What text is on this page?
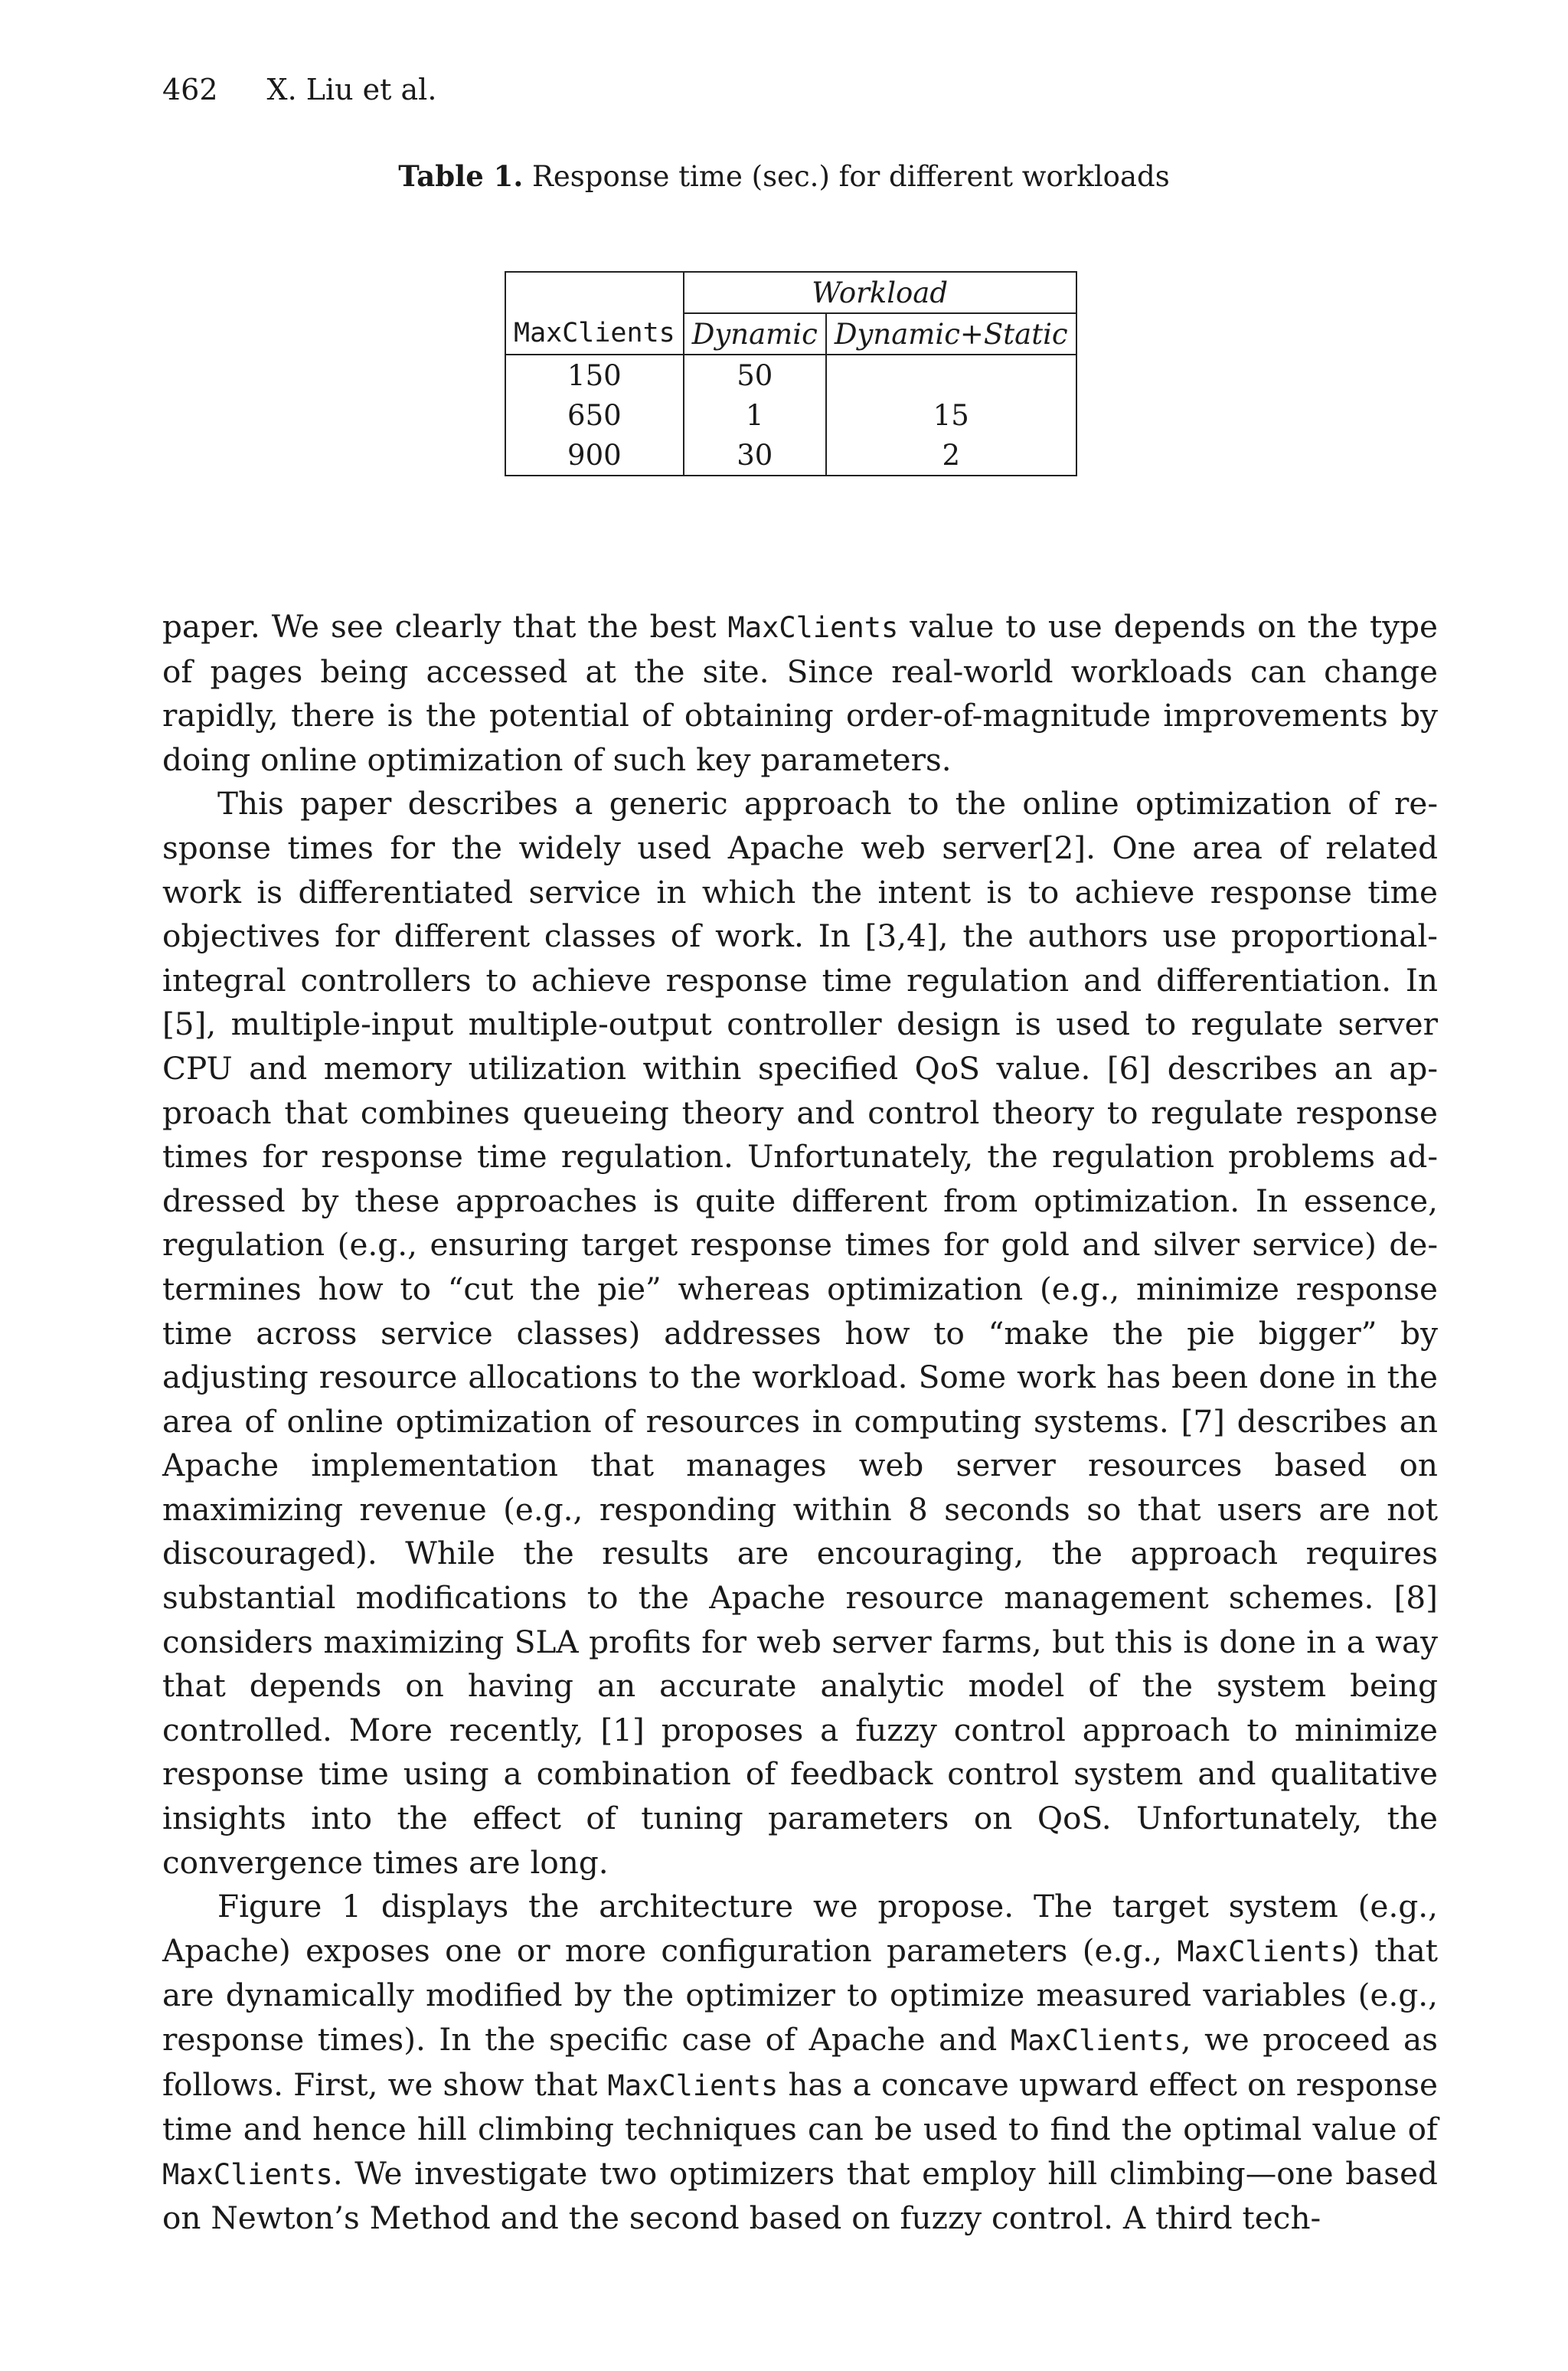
462 X. Liu et al.
Table 1. Response time (sec.) for different workloads
	Workload	
MaxClients	Dynamic	Dynamic+Static
150	50	
650	1	15
900	30	2

paper. We see clearly that the best MaxClients value to use depends on the type of pages being accessed at the site. Since real-world workloads can change rapidly, there is the potential of obtaining order-of-magnitude improvements by doing online optimization of such key parameters.

This paper describes a generic approach to the online optimization of response times for the widely used Apache web server[2]. One area of related work is differentiated service in which the intent is to achieve response time objectives for different classes of work. In [3,4], the authors use proportional-integral controllers to achieve response time regulation and differentiation. In [5], multiple-input multiple-output controller design is used to regulate server CPU and memory utilization within specified QoS value. [6] describes an approach that combines queueing theory and control theory to regulate response times for response time regulation. Unfortunately, the regulation problems addressed by these approaches is quite different from optimization. In essence, regulation (e.g., ensuring target response times for gold and silver service) determines how to “cut the pie” whereas optimization (e.g., minimize response time across service classes) addresses how to “make the pie bigger” by adjusting resource allocations to the workload. Some work has been done in the area of online optimization of resources in computing systems. [7] describes an Apache implementation that manages web server resources based on maximizing revenue (e.g., responding within 8 seconds so that users are not discouraged). While the results are encouraging, the approach requires substantial modifications to the Apache resource management schemes. [8] considers maximizing SLA profits for web server farms, but this is done in a way that depends on having an accurate analytic model of the system being controlled. More recently, [1] proposes a fuzzy control approach to minimize response time using a combination of feedback control system and qualitative insights into the effect of tuning parameters on QoS. Unfortunately, the convergence times are long.

Figure 1 displays the architecture we propose. The target system (e.g., Apache) exposes one or more configuration parameters (e.g., MaxClients) that are dynamically modified by the optimizer to optimize measured variables (e.g., response times). In the specific case of Apache and MaxClients, we proceed as follows. First, we show that MaxClients has a concave upward effect on response time and hence hill climbing techniques can be used to find the optimal value of MaxClients. We investigate two optimizers that employ hill climbing—one based on Newton’s Method and the second based on fuzzy control. A third tech-
